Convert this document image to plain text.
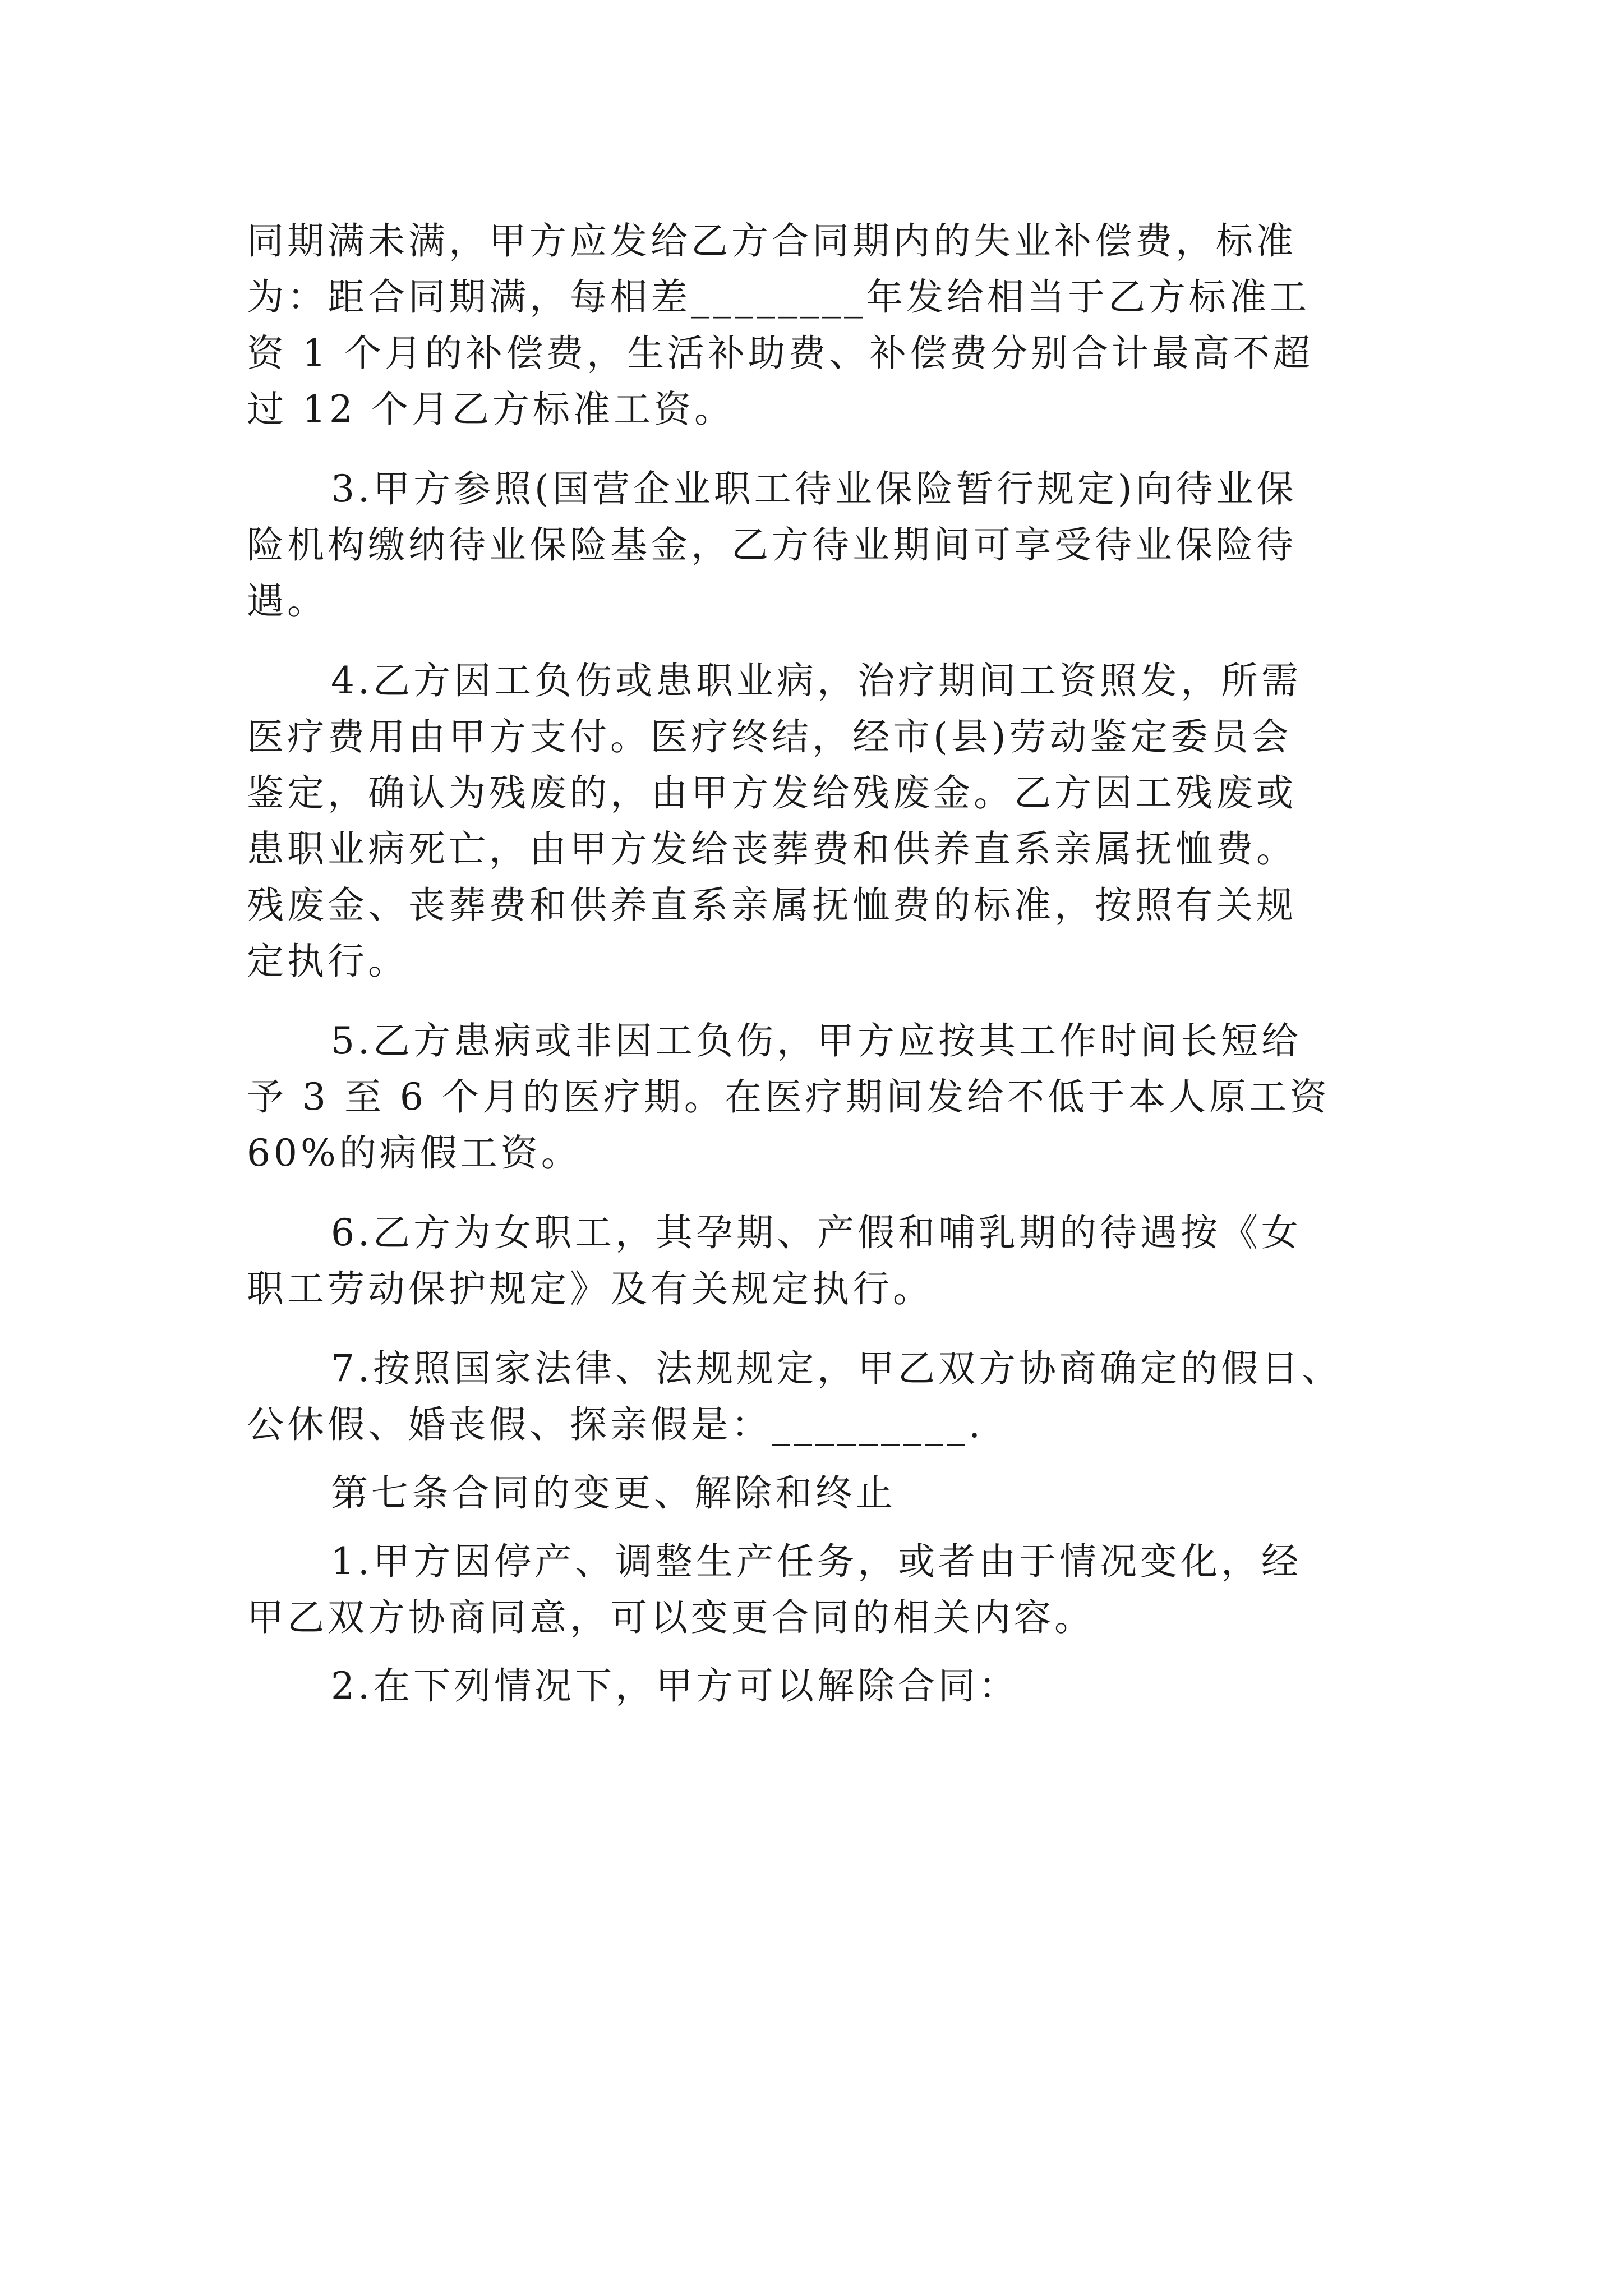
同期满未满，甲方应发给乙方合同期内的失业补偿费，标准
为：距合同期满，每相差________年发给相当于乙方标准工
资 1 个月的补偿费，生活补助费、补偿费分别合计最高不超
过 12 个月乙方标准工资。
3.甲方参照(国营企业职工待业保险暂行规定)向待业保
险机构缴纳待业保险基金，乙方待业期间可享受待业保险待
遇。
4.乙方因工负伤或患职业病，治疗期间工资照发，所需
医疗费用由甲方支付。医疗终结，经市(县)劳动鉴定委员会
鉴定，确认为残废的，由甲方发给残废金。乙方因工残废或
患职业病死亡，由甲方发给丧葬费和供养直系亲属抚恤费。
残废金、丧葬费和供养直系亲属抚恤费的标准，按照有关规
定执行。
5.乙方患病或非因工负伤，甲方应按其工作时间长短给
予 3 至 6 个月的医疗期。在医疗期间发给不低于本人原工资
60%的病假工资。
6.乙方为女职工，其孕期、产假和哺乳期的待遇按《女
职工劳动保护规定》及有关规定执行。
7.按照国家法律、法规规定，甲乙双方协商确定的假日、
公休假、婚丧假、探亲假是：_________.
第七条合同的变更、解除和终止
1.甲方因停产、调整生产任务，或者由于情况变化，经
甲乙双方协商同意，可以变更合同的相关内容。
2.在下列情况下，甲方可以解除合同：
